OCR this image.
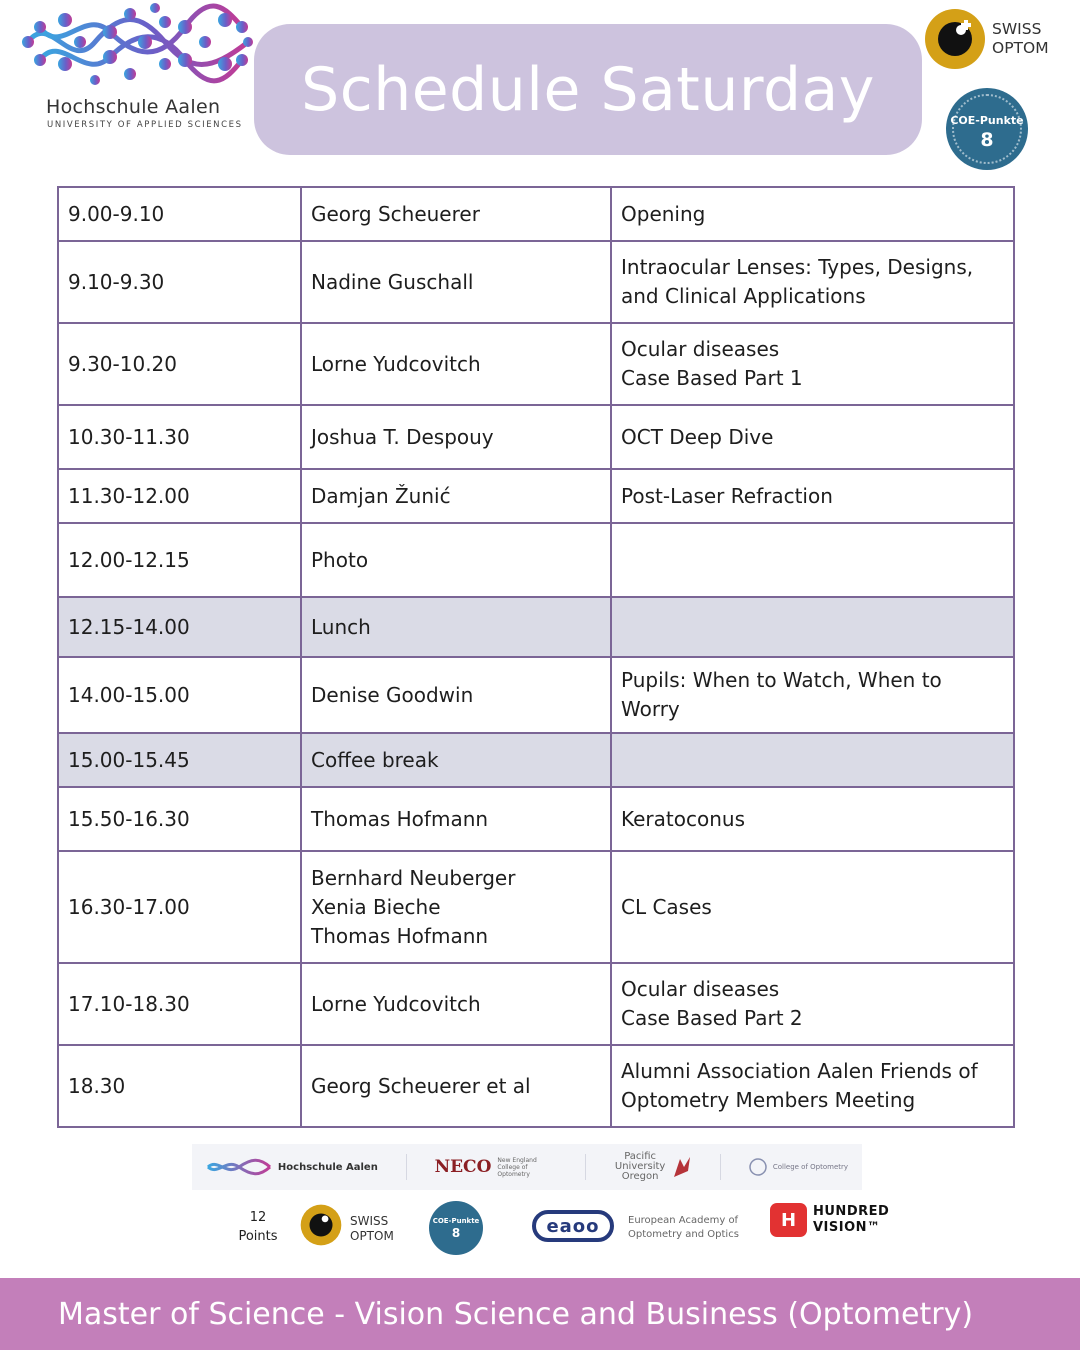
Hochschule Aalen
UNIVERSITY OF APPLIED SCIENCES
Schedule Saturday
SWISS
OPTOM
COE-Punkte
8
9.00-9.10	Georg Scheuerer	Opening
9.10-9.30	Nadine Guschall	Intraocular Lenses: Types, Designs,
and Clinical Applications
9.30-10.20	Lorne Yudcovitch	Ocular diseases
Case Based Part 1
10.30-11.30	Joshua T. Despouy	OCT Deep Dive
11.30-12.00	Damjan Žunić	Post-Laser Refraction
12.00-12.15	Photo	
12.15-14.00	Lunch	
14.00-15.00	Denise Goodwin	Pupils: When to Watch, When to Worry
15.00-15.45	Coffee break	
15.50-16.30	Thomas Hofmann	Keratoconus
16.30-17.00	Bernhard Neuberger
Xenia Bieche
Thomas Hofmann	CL Cases
17.10-18.30	Lorne Yudcovitch	Ocular diseases
Case Based Part 2
18.30	Georg Scheuerer et al	Alumni Association Aalen Friends of
Optometry Members Meeting
Hochschule Aalen	NECO New England College of Optometry
Pacific University Oregon
College of Optometry
12
Points
SWISS
OPTOM
COE-Punkte
8	eaoo	European Academy of
Optometry and Optics
H	HUNDRED
VISION™
Master of Science - Vision Science and Business (Optometry)
